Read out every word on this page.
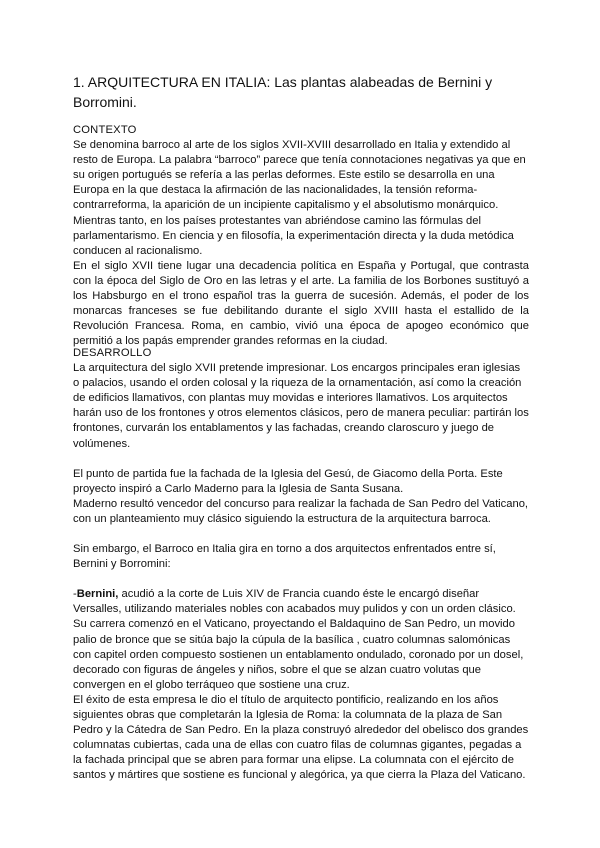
1. ARQUITECTURA EN ITALIA: Las plantas alabeadas de Bernini y Borromini.

CONTEXTO

Se denomina barroco al arte de los siglos XVII-XVIII desarrollado en Italia y extendido al resto de Europa. La palabra “barroco” parece que tenía connotaciones negativas ya que en su origen portugués se refería a las perlas deformes. Este estilo se desarrolla en una Europa en la que destaca la afirmación de las nacionalidades, la tensión reforma-contrarreforma, la aparición de un incipiente capitalismo y el absolutismo monárquico. Mientras tanto, en los países protestantes van abriéndose camino las fórmulas del parlamentarismo. En ciencia y en filosofía, la experimentación directa y la duda metódica conducen al racionalismo.

En el siglo XVII tiene lugar una decadencia política en España y Portugal, que contrasta con la época del Siglo de Oro en las letras y el arte. La familia de los Borbones sustituyó a los Habsburgo en el trono español tras la guerra de sucesión. Además, el poder de los monarcas franceses se fue debilitando durante el siglo XVIII hasta el estallido de la Revolución Francesa. Roma, en cambio, vivió una época de apogeo económico que permitió a los papás emprender grandes reformas en la ciudad.

DESARROLLO

La arquitectura del siglo XVII pretende impresionar. Los encargos principales eran iglesias o palacios, usando el orden colosal y la riqueza de la ornamentación, así como la creación de edificios llamativos, con plantas muy movidas e interiores llamativos. Los arquitectos harán uso de los frontones y otros elementos clásicos, pero de manera peculiar: partirán los frontones, curvarán los entablamentos y las fachadas, creando claroscuro y juego de volúmenes.

El punto de partida fue la fachada de la Iglesia del Gesú, de Giacomo della Porta. Este proyecto inspiró a Carlo Maderno para la Iglesia de Santa Susana.

Maderno resultó vencedor del concurso para realizar la fachada de San Pedro del Vaticano, con un planteamiento muy clásico siguiendo la estructura de la arquitectura barroca.

Sin embargo, el Barroco en Italia gira en torno a dos arquitectos enfrentados entre sí, Bernini y Borromini:

-Bernini, acudió a la corte de Luis XIV de Francia cuando éste le encargó diseñar Versalles, utilizando materiales nobles con acabados muy pulidos y con un orden clásico.

Su carrera comenzó en el Vaticano, proyectando el Baldaquino de San Pedro, un movido palio de bronce que se sitúa bajo la cúpula de la basílica , cuatro columnas salomónicas con capitel orden compuesto sostienen un entablamento ondulado, coronado por un dosel, decorado con figuras de ángeles y niños, sobre el que se alzan cuatro volutas que convergen en el globo terráqueo que sostiene una cruz.

El éxito de esta empresa le dio el título de arquitecto pontificio, realizando en los años siguientes obras que completarán la Iglesia de Roma: la columnata de la plaza de San Pedro y la Cátedra de San Pedro. En la plaza construyó alrededor del obelisco dos grandes columnatas cubiertas, cada una de ellas con cuatro filas de columnas gigantes, pegadas a la fachada principal que se abren para formar una elipse. La columnata con el ejército de santos y mártires que sostiene es funcional y alegórica, ya que cierra la Plaza del Vaticano.
